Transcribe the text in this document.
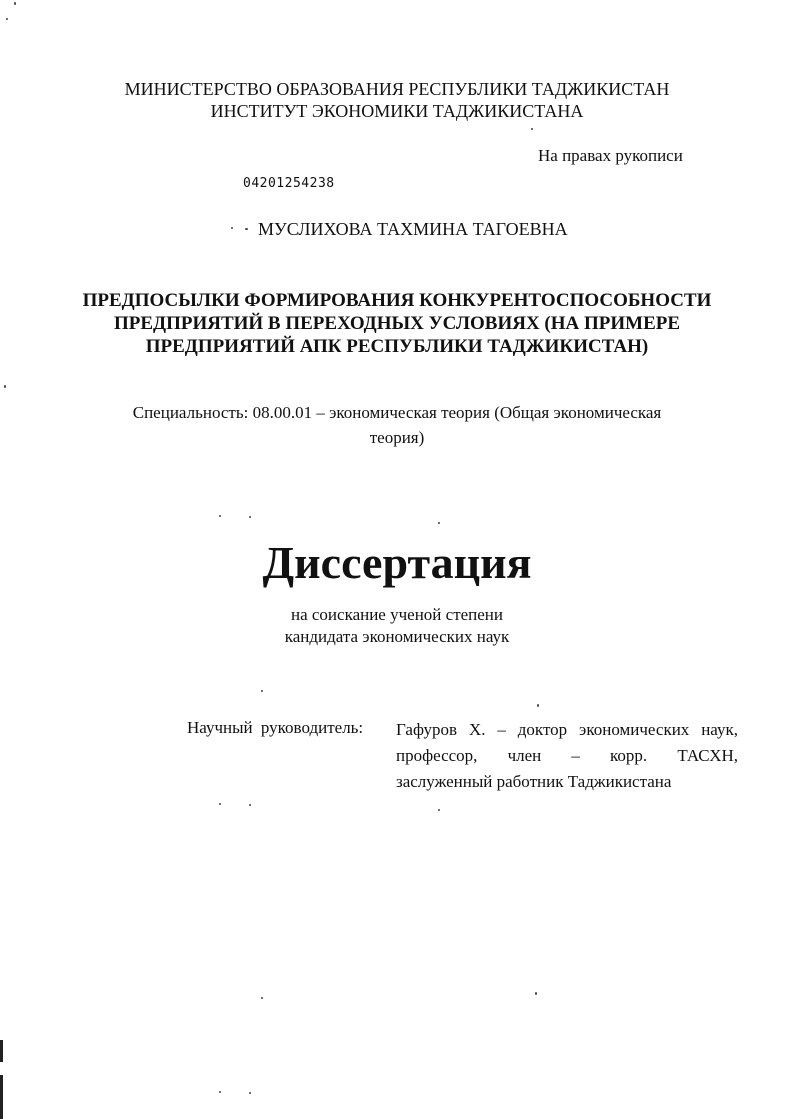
МИНИСТЕРСТВО ОБРАЗОВАНИЯ РЕСПУБЛИКИ ТАДЖИКИСТАН
ИНСТИТУТ ЭКОНОМИКИ ТАДЖИКИСТАНА
На правах рукописи
04201254238
МУСЛИХОВА ТАХМИНА ТАГОЕВНА
ПРЕДПОСЫЛКИ ФОРМИРОВАНИЯ КОНКУРЕНТОСПОСОБНОСТИ
ПРЕДПРИЯТИЙ В ПЕРЕХОДНЫХ УСЛОВИЯХ (НА ПРИМЕРЕ
ПРЕДПРИЯТИЙ АПК РЕСПУБЛИКИ ТАДЖИКИСТАН)
Специальность: 08.00.01 – экономическая теория (Общая экономическая
теория)
Диссертация
на соискание ученой степени
кандидата экономических наук
Научный руководитель: Гафуров Х. – доктор экономических наук,
профессор, член – корр. ТАСХН,
заслуженный работник Таджикистана
